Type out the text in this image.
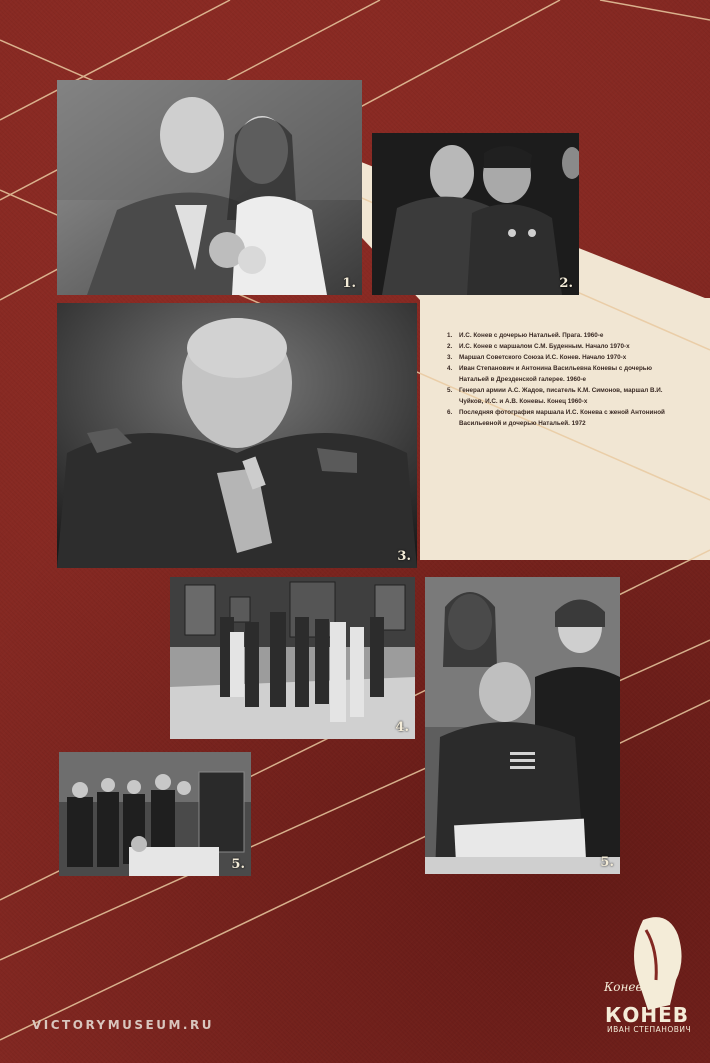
1.	2.
3.
1. И.С. Конев с дочерью Натальей. Прага. 1960-е
2. И.С. Конев с маршалом С.М. Буденным. Начало 1970-х
3. Маршал Советского Союза И.С. Конев. Начало 1970-х
4. Иван Степанович и Антонина Васильевна Коневы с дочерью Натальей в Дрезденской галерее. 1960-е
5. Генерал армии А.С. Жадов, писатель К.М. Симонов, маршал В.И. Чуйков, И.С. и А.В. Коневы. Конец 1960-х
6. Последняя фотография маршала И.С. Конева с женой Антониной Васильевной и дочерью Натальей. 1972
4.
5.
5.
VICTORYMUSEUM.RU
Конев
КОНЕВ
ИВАН СТЕПАНОВИЧ
